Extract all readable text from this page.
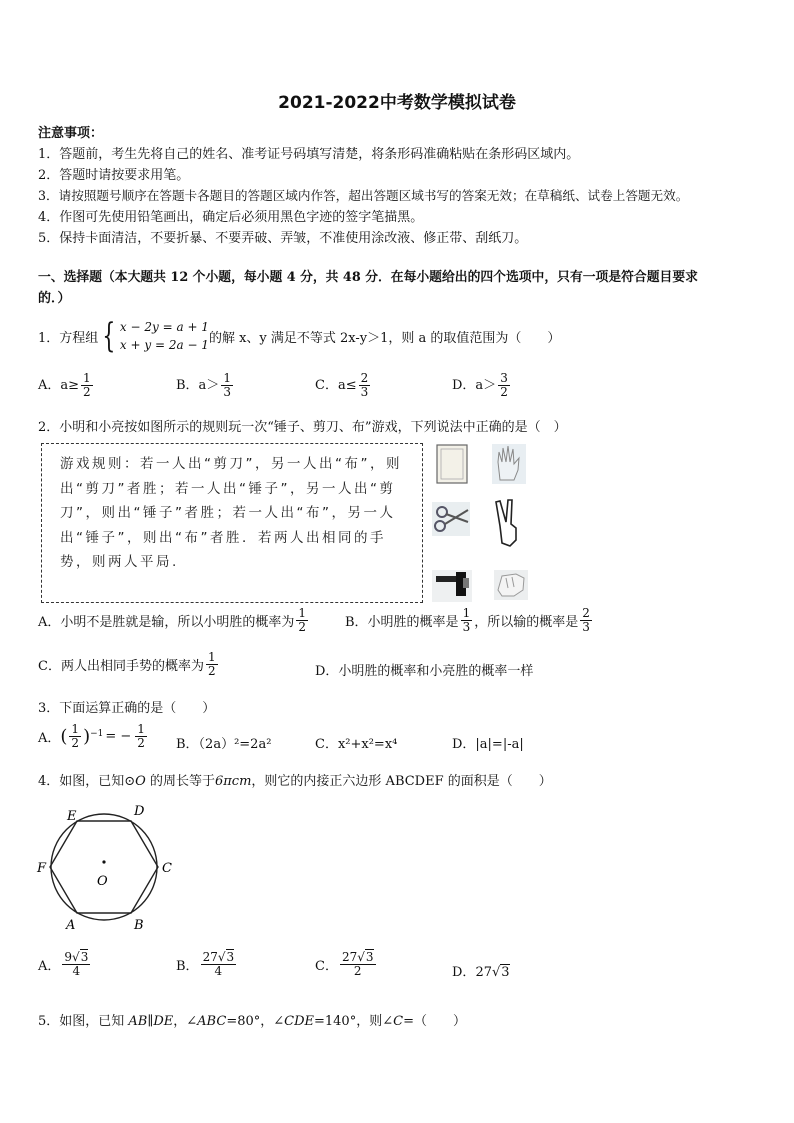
2021-2022中考数学模拟试卷
注意事项：
1．答题前，考生先将自己的姓名、准考证号码填写清楚，将条形码准确粘贴在条形码区域内。
2．答题时请按要求用笔。
3．请按照题号顺序在答题卡各题目的答题区域内作答，超出答题区域书写的答案无效；在草稿纸、试卷上答题无效。
4．作图可先使用铅笔画出，确定后必须用黑色字迹的签字笔描黑。
5．保持卡面清洁，不要折暴、不要弄破、弄皱，不准使用涂改液、修正带、刮纸刀。
一、选择题（本大题共 12 个小题，每小题 4 分，共 48 分．在每小题给出的四个选项中，只有一项是符合题目要求
的．）
1．方程组 { x − 2y = a + 1
x + y = 2a − 1 的解 x、y 满足不等式 2x-y＞1，则 a 的取值范围为（　　）
A．$a\ge \frac{1}{2}$	B．$a> \frac{1}{3}$	C．$a\le \frac{2}{3}$	D．$a> \frac{3}{2}$
2．小明和小亮按如图所示的规则玩一次“锤子、剪刀、布”游戏，下列说法中正确的是（　）
游戏规则：若一人出“剪刀”，另一人出“布”，则出“剪刀”者胜；若一人出“锤子”，另一人出“剪刀”，则出“锤子”者胜；若一人出“布”，另一人出“锤子”，则出“布”者胜．若两人出相同的手势，则两人平局.
A．小明不是胜就是输，所以小明胜的概率为 $\frac{1}{2}$	B．小明胜的概率是 $\frac{1}{3}$ ，所以输的概率是 $\frac{2}{3}$
C．两人出相同手势的概率为 $\frac{1}{2}$	D．小明胜的概率和小亮胜的概率一样
3．下面运算正确的是（　　）
A． ( $\frac{1}{2}$ ) −1 = − $\frac{1}{2}$ B．（2a）²=2a²	C．x²+x²=x⁴	D．|a|=|-a|
4．如图，已知⊙O 的周长等于6πcm，则它的内接正六边形 ABCDEF 的面积是（　　）
A	B
C
D
E
F
O
A． $\frac{9√3}{4}$	B． $\frac{27√3}{4}$	C． $\frac{27√3}{2}$	D．27√3
5．如图，已知 AB∥DE，∠ABC=80°，∠CDE=140°，则∠C=（　　）
